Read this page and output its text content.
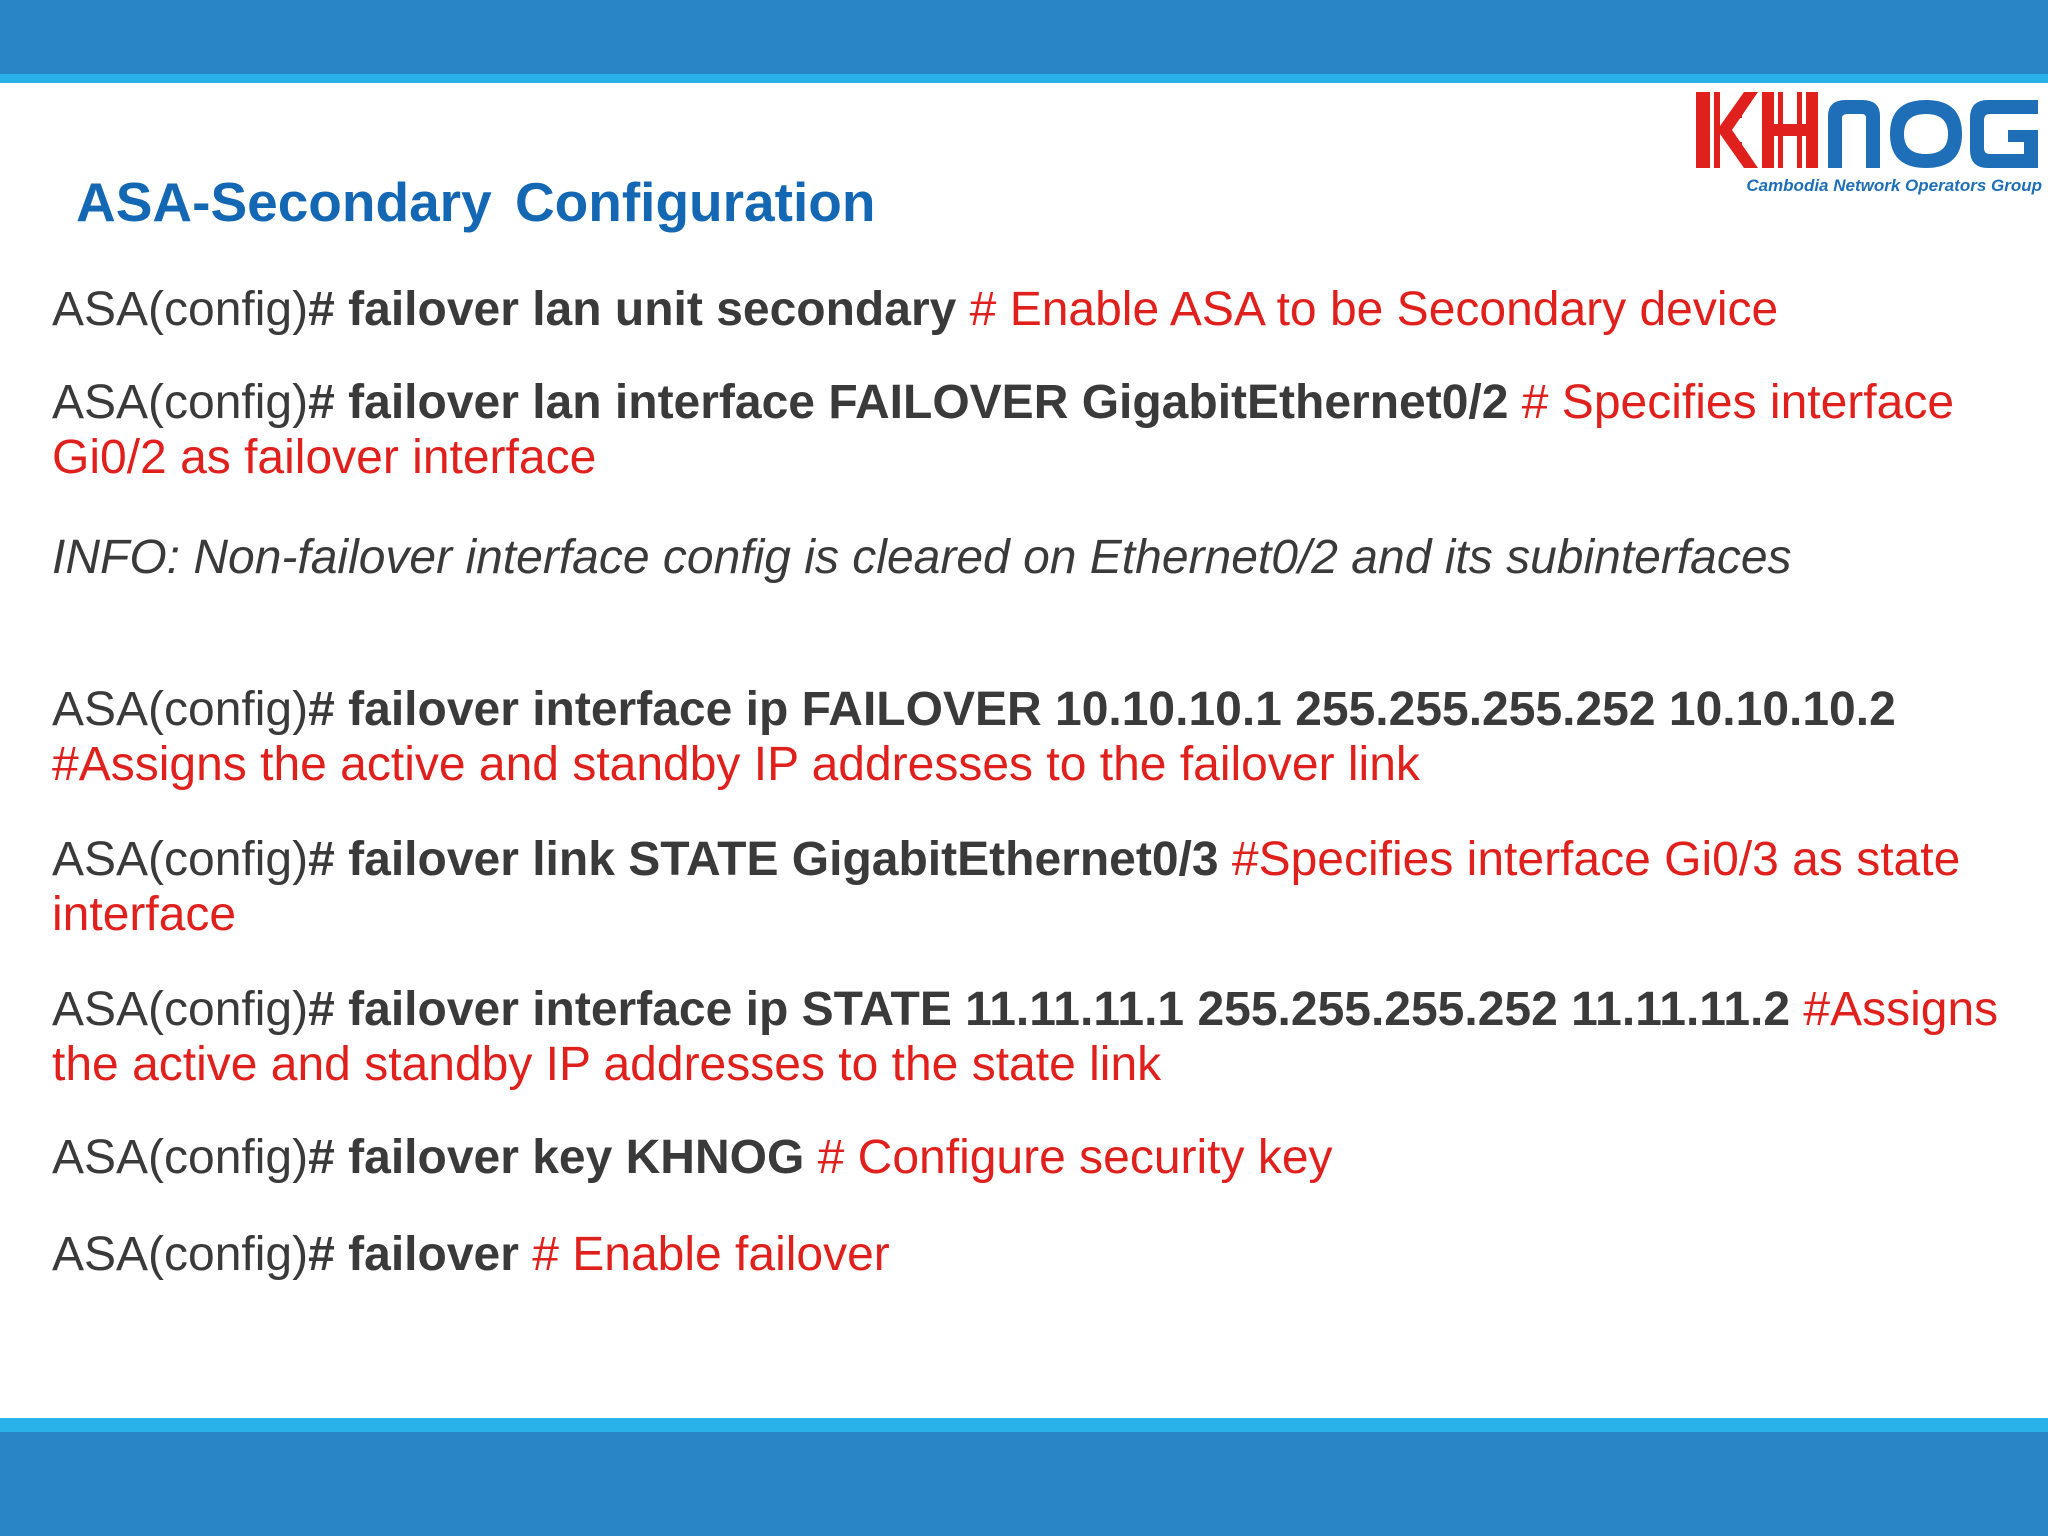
Cambodia Network Operators Group
ASA-Secondary Configuration

ASA(config)# failover lan unit secondary # Enable ASA to be Secondary device

ASA(config)# failover lan interface FAILOVER GigabitEthernet0/2 # Specifies interface Gi0/2 as failover interface

INFO: Non-failover interface config is cleared on Ethernet0/2 and its subinterfaces

ASA(config)# failover interface ip FAILOVER 10.10.10.1 255.255.255.252 10.10.10.2 #Assigns the active and standby IP addresses to the failover link

ASA(config)# failover link STATE GigabitEthernet0/3 #Specifies interface Gi0/3 as state interface

ASA(config)# failover interface ip STATE 11.11.11.1 255.255.255.252 11.11.11.2 #Assigns the active and standby IP addresses to the state link

ASA(config)# failover key KHNOG # Configure security key

ASA(config)# failover # Enable failover
